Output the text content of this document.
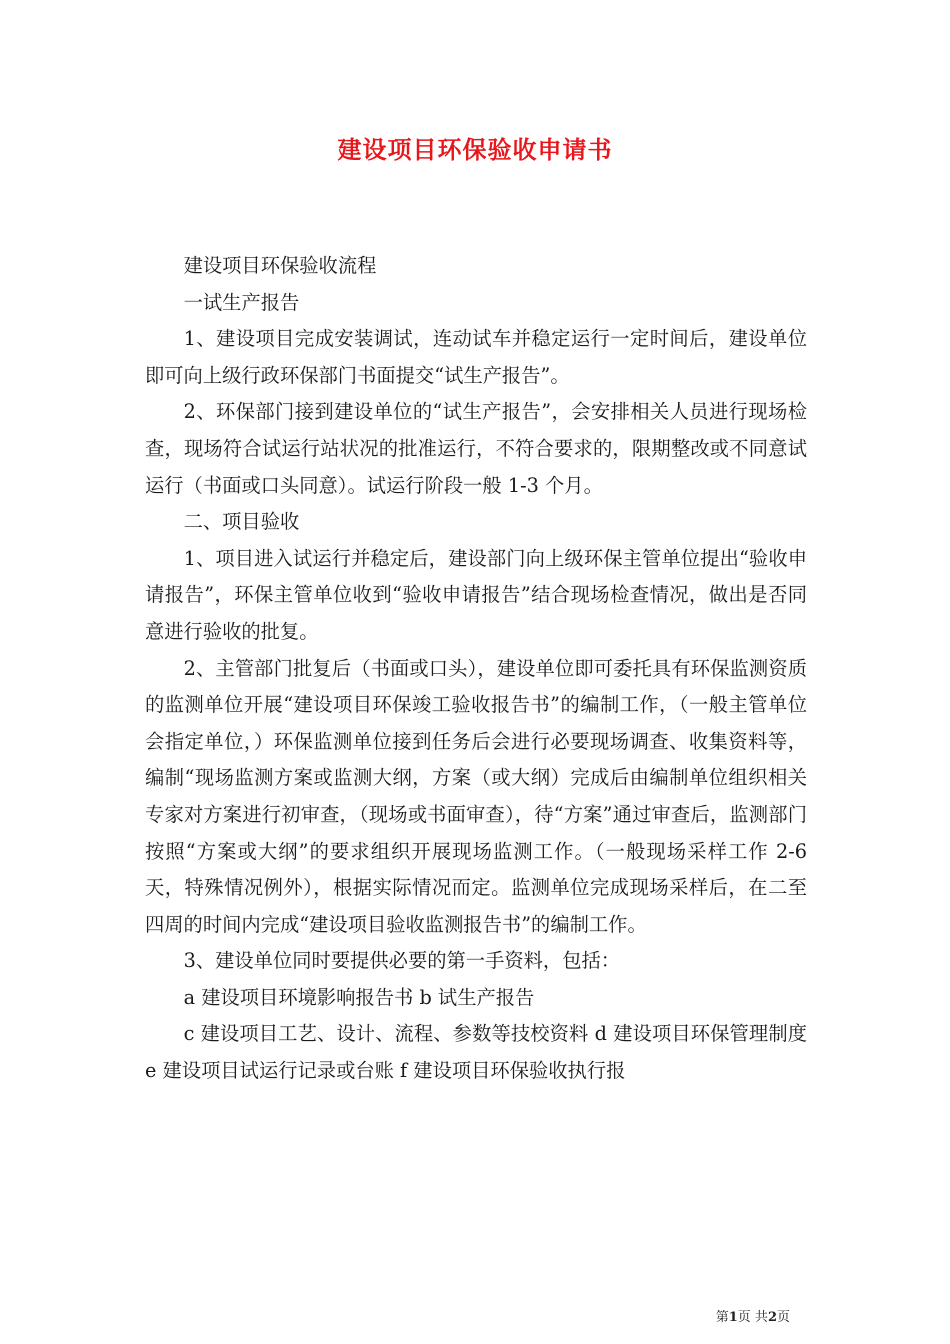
建设项目环保验收申请书

建设项目环保验收流程

一试生产报告

1、建设项目完成安装调试，连动试车并稳定运行一定时间后，建设单位即可向上级行政环保部门书面提交“试生产报告”。

2、环保部门接到建设单位的“试生产报告”，会安排相关人员进行现场检查，现场符合试运行站状况的批准运行，不符合要求的，限期整改或不同意试运行（书面或口头同意）。试运行阶段一般 1-3 个月。

二、项目验收

1、项目进入试运行并稳定后，建设部门向上级环保主管单位提出“验收申请报告”，环保主管单位收到“验收申请报告”结合现场检查情况，做出是否同意进行验收的批复。

2、主管部门批复后（书面或口头），建设单位即可委托具有环保监测资质的监测单位开展“建设项目环保竣工验收报告书”的编制工作，（一般主管单位会指定单位，）环保监测单位接到任务后会进行必要现场调查、收集资料等，编制“现场监测方案或监测大纲，方案（或大纲）完成后由编制单位组织相关专家对方案进行初审查，（现场或书面审查），待“方案”通过审查后，监测部门按照“方案或大纲”的要求组织开展现场监测工作。（一般现场采样工作 2-6 天，特殊情况例外），根据实际情况而定。监测单位完成现场采样后，在二至四周的时间内完成“建设项目验收监测报告书”的编制工作。

3、建设单位同时要提供必要的第一手资料，包括：

a 建设项目环境影响报告书 b 试生产报告

c 建设项目工艺、设计、流程、参数等技校资料 d 建设项目环保管理制度 e 建设项目试运行记录或台账 f 建设项目环保验收执行报

第1页 共2页
